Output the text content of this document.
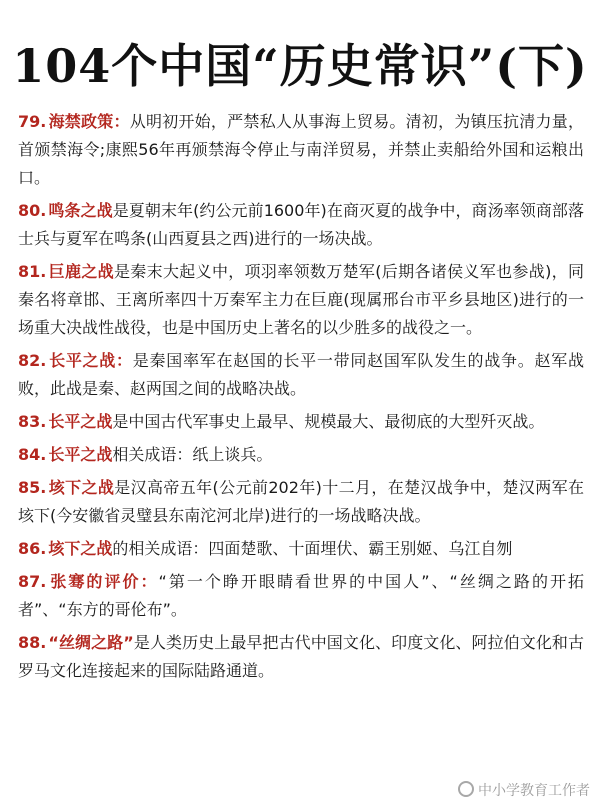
104个中国“历史常识”(下)

79. 海禁政策：从明初开始，严禁私人从事海上贸易。清初，为镇压抗清力量，首颁禁海令;康熙56年再颁禁海令停止与南洋贸易，并禁止卖船给外国和运粮出口。

80. 鸣条之战是夏朝末年(约公元前1600年)在商灭夏的战争中，商汤率领商部落士兵与夏军在鸣条(山西夏县之西)进行的一场决战。

81. 巨鹿之战是秦末大起义中，项羽率领数万楚军(后期各诸侯义军也参战)，同秦名将章邯、王离所率四十万秦军主力在巨鹿(现属邢台市平乡县地区)进行的一场重大决战性战役，也是中国历史上著名的以少胜多的战役之一。

82. 长平之战：是秦国率军在赵国的长平一带同赵国军队发生的战争。赵军战败，此战是秦、赵两国之间的战略决战。

83. 长平之战是中国古代军事史上最早、规模最大、最彻底的大型歼灭战。

84. 长平之战相关成语：纸上谈兵。

85. 垓下之战是汉高帝五年(公元前202年)十二月，在楚汉战争中，楚汉两军在垓下(今安徽省灵璧县东南沱河北岸)进行的一场战略决战。

86. 垓下之战的相关成语：四面楚歌、十面埋伏、霸王别姬、乌江自刎

87. 张骞的评价：“第一个睁开眼睛看世界的中国人”、“丝绸之路的开拓者”、“东方的哥伦布”。

88. “丝绸之路”是人类历史上最早把古代中国文化、印度文化、阿拉伯文化和古罗马文化连接起来的国际陆路通道。

中小学教育工作者
